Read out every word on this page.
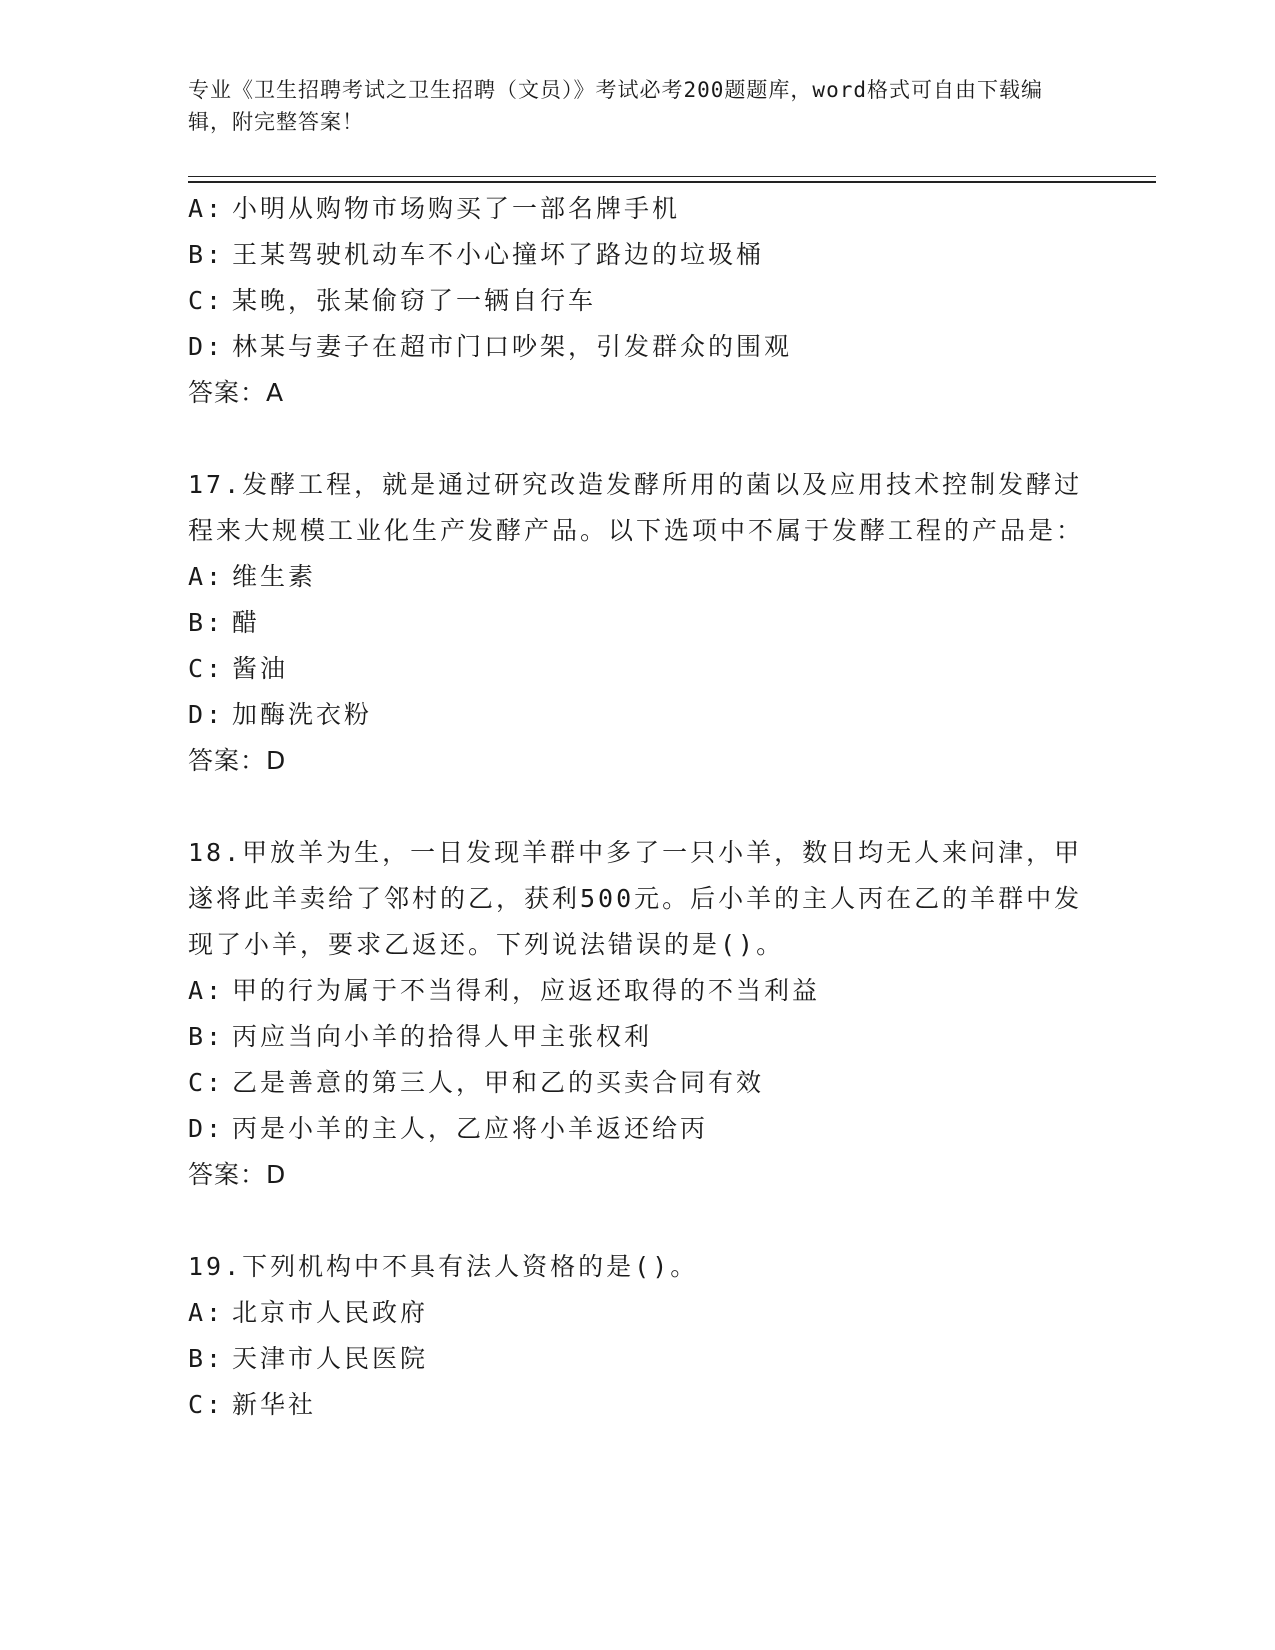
专业《卫生招聘考试之卫生招聘（文员）》考试必考200题题库，word格式可自由下载编辑，附完整答案！
A: 小明从购物市场购买了一部名牌手机
B: 王某驾驶机动车不小心撞坏了路边的垃圾桶
C: 某晚，张某偷窃了一辆自行车
D: 林某与妻子在超市门口吵架，引发群众的围观
答案：A
17.发酵工程，就是通过研究改造发酵所用的菌以及应用技术控制发酵过程来大规模工业化生产发酵产品。以下选项中不属于发酵工程的产品是：
A: 维生素
B: 醋
C: 酱油
D: 加酶洗衣粉
答案：D
18.甲放羊为生，一日发现羊群中多了一只小羊，数日均无人来问津，甲遂将此羊卖给了邻村的乙，获利500元。后小羊的主人丙在乙的羊群中发现了小羊，要求乙返还。下列说法错误的是()。
A: 甲的行为属于不当得利，应返还取得的不当利益
B: 丙应当向小羊的拾得人甲主张权利
C: 乙是善意的第三人，甲和乙的买卖合同有效
D: 丙是小羊的主人，乙应将小羊返还给丙
答案：D
19.下列机构中不具有法人资格的是()。
A: 北京市人民政府
B: 天津市人民医院
C: 新华社
